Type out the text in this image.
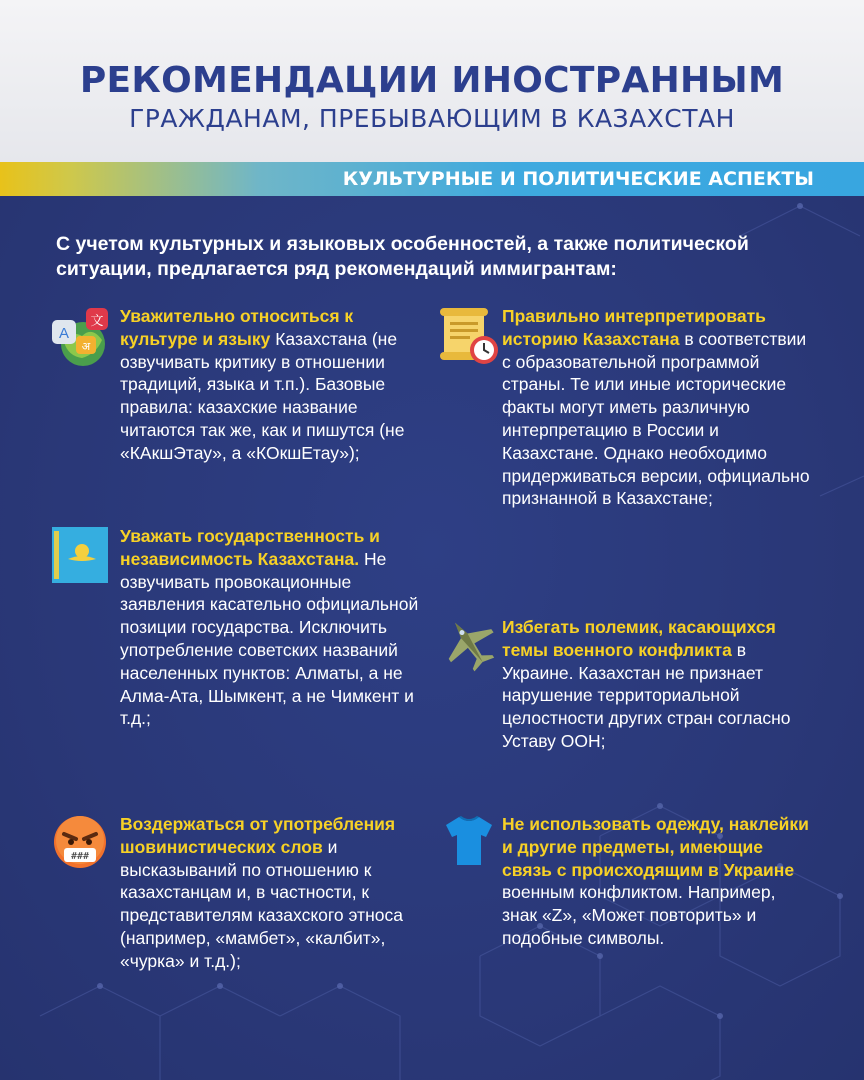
РЕКОМЕНДАЦИИ ИНОСТРАННЫМ
ГРАЖДАНАМ, ПРЕБЫВАЮЩИМ В КАЗАХСТАН
КУЛЬТУРНЫЕ И ПОЛИТИЧЕСКИЕ АСПЕКТЫ
С учетом культурных и языковых особенностей, а также политической ситуации, предлагается ряд рекомендаций иммигрантам:
A
文
अ
###
Уважительно относиться к культуре и языку Казахстана (не озвучивать критику в отношении традиций, языка и т.п.). Базовые правила: казахские название читаются так же, как и пишутся (не «КАкшЭтау», а «КОкшЕтау»);
Уважать государственность и независимость Казахстана. Не озвучивать провокационные заявления касательно официальной позиции государства. Исключить употребление советских названий населенных пунктов: Алматы, а не Алма-Ата, Шымкент, а не Чимкент и т.д.;
Воздержаться от употребления шовинистических слов и высказываний по отношению к казахстанцам и, в частности, к представителям казахского этноса (например, «мамбет», «калбит», «чурка» и т.д.);
Правильно интерпретировать историю Казахстана в соответствии с образовательной программой страны. Те или иные исторические факты могут иметь различную интерпретацию в России и Казахстане. Однако необходимо придерживаться версии, официально признанной в Казахстане;
Избегать полемик, касающихся темы военного конфликта в Украине. Казахстан не признает нарушение территориальной целостности других стран согласно Уставу ООН;
Не использовать одежду, наклейки и другие предметы, имеющие связь с происходящим в Украине военным конфликтом. Например, знак «Z», «Может повторить» и подобные символы.
